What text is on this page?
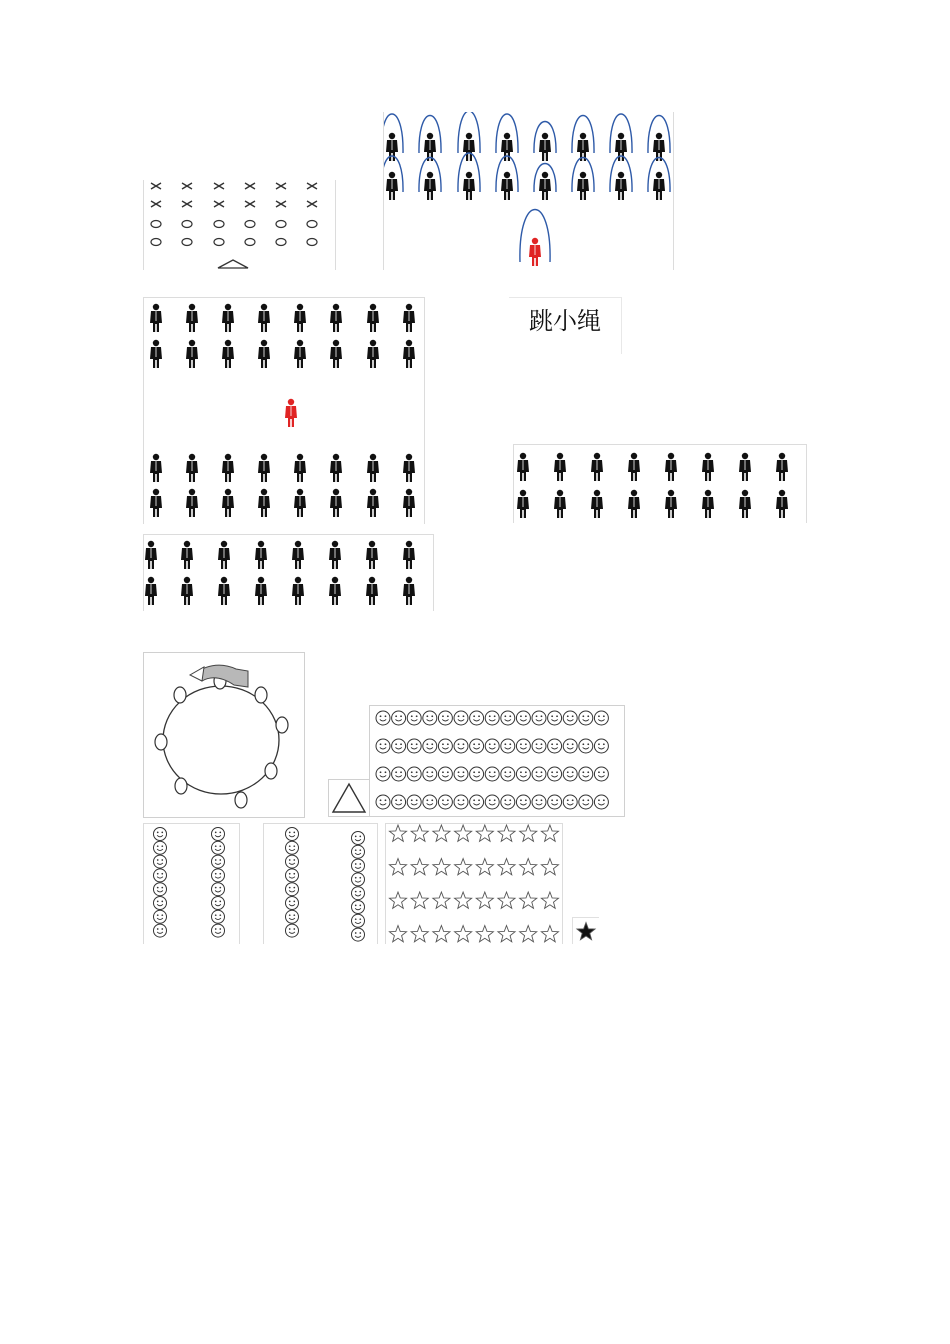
跳小绳
